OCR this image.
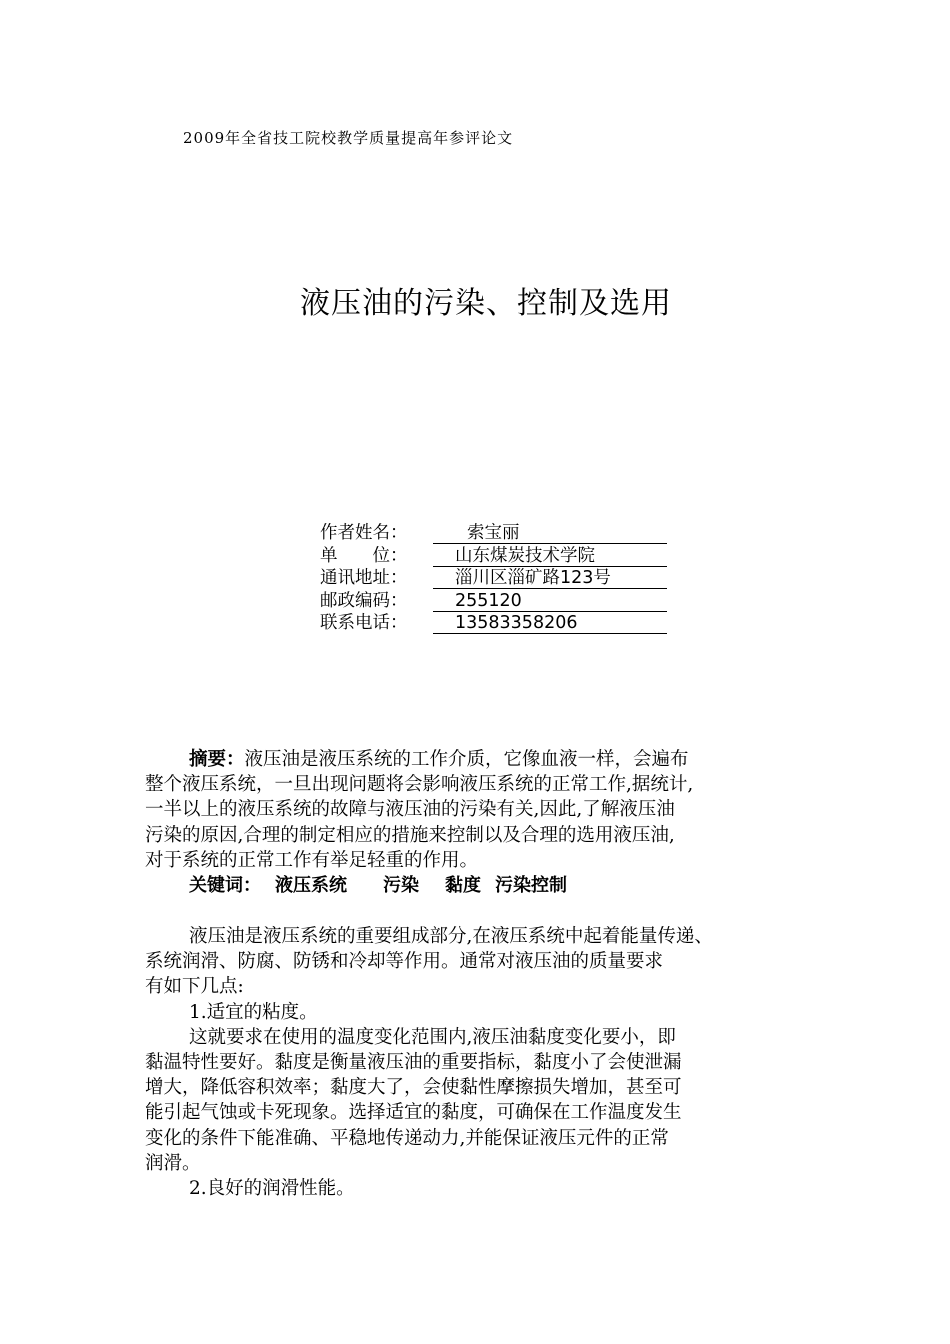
2009年全省技工院校教学质量提高年参评论文
液压油的污染、控制及选用
作者姓名：	索宝丽
单　　位：	山东煤炭技术学院
通讯地址：	淄川区淄矿路123号
邮政编码：	255120
联系电话：	13583358206

摘要：液压油是液压系统的工作介质，它像血液一样，会遍布

整个液压系统，一旦出现问题将会影响液压系统的正常工作,据统计,

一半以上的液压系统的故障与液压油的污染有关,因此,了解液压油

污染的原因,合理的制定相应的措施来控制以及合理的选用液压油,

对于系统的正常工作有举足轻重的作用。

关键词： 液压系统 污染 黏度 污染控制

液压油是液压系统的重要组成部分,在液压系统中起着能量传递、

系统润滑、防腐、防锈和冷却等作用。通常对液压油的质量要求

有如下几点:

1.适宜的粘度。

这就要求在使用的温度变化范围内,液压油黏度变化要小，即

黏温特性要好。黏度是衡量液压油的重要指标，黏度小了会使泄漏

增大，降低容积效率；黏度大了，会使黏性摩擦损失增加，甚至可

能引起气蚀或卡死现象。选择适宜的黏度，可确保在工作温度发生

变化的条件下能准确、平稳地传递动力,并能保证液压元件的正常

润滑。

2.良好的润滑性能。
